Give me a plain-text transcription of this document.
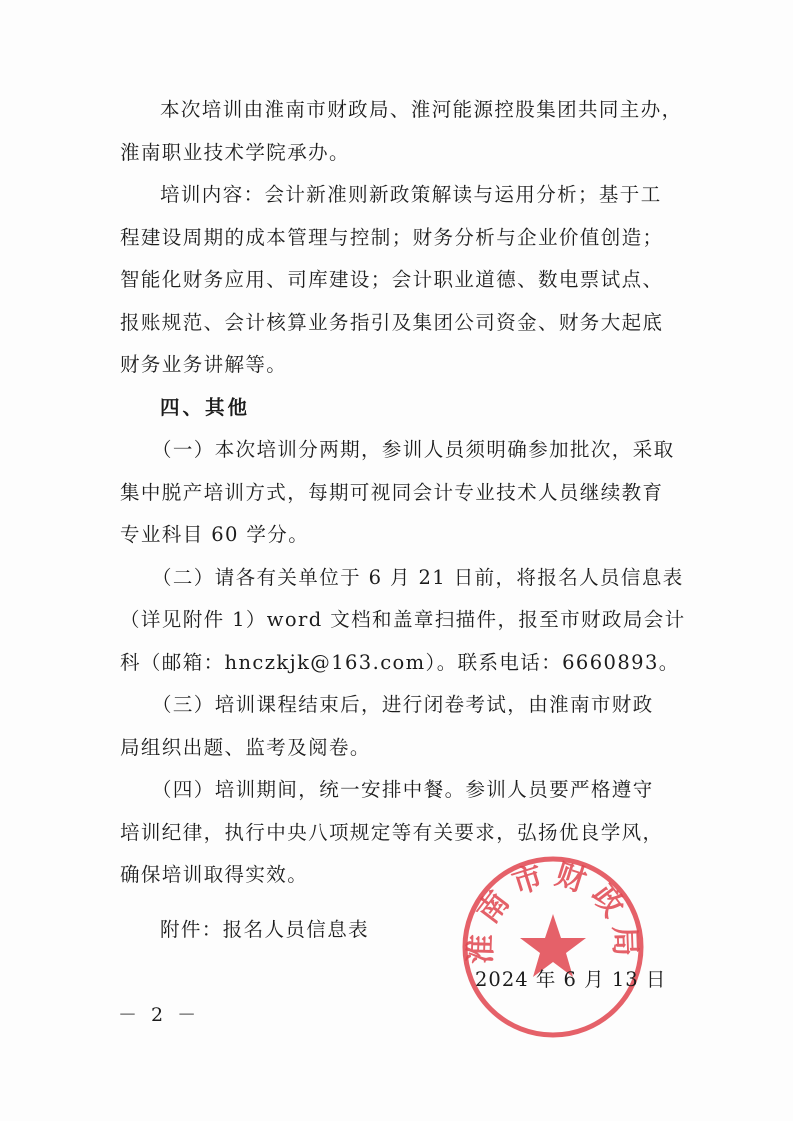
本次培训由淮南市财政局、淮河能源控股集团共同主办，
淮南职业技术学院承办。
培训内容：会计新准则新政策解读与运用分析；基于工
程建设周期的成本管理与控制；财务分析与企业价值创造；
智能化财务应用、司库建设；会计职业道德、数电票试点、
报账规范、会计核算业务指引及集团公司资金、财务大起底
财务业务讲解等。
四、其他
（一）本次培训分两期，参训人员须明确参加批次，采取
集中脱产培训方式，每期可视同会计专业技术人员继续教育
专业科目 60 学分。
（二）请各有关单位于 6 月 21 日前，将报名人员信息表
（详见附件 1）word 文档和盖章扫描件，报至市财政局会计
科（邮箱：hnczkjk@163.com）。联系电话：6660893。
（三）培训课程结束后，进行闭卷考试，由淮南市财政
局组织出题、监考及阅卷。
（四）培训期间，统一安排中餐。参训人员要严格遵守
培训纪律，执行中央八项规定等有关要求，弘扬优良学风，
确保培训取得实效。
附件：报名人员信息表	淮南市财政局
2024 年 6 月 13 日
－ 2 －
